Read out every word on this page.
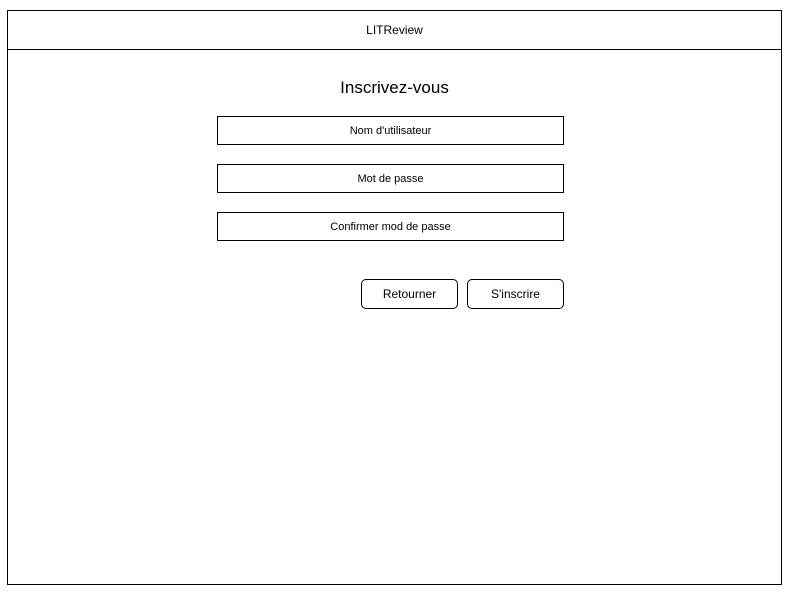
LITReview
Inscrivez-vous
Nom d'utilisateur
Retourner	S'inscrire
